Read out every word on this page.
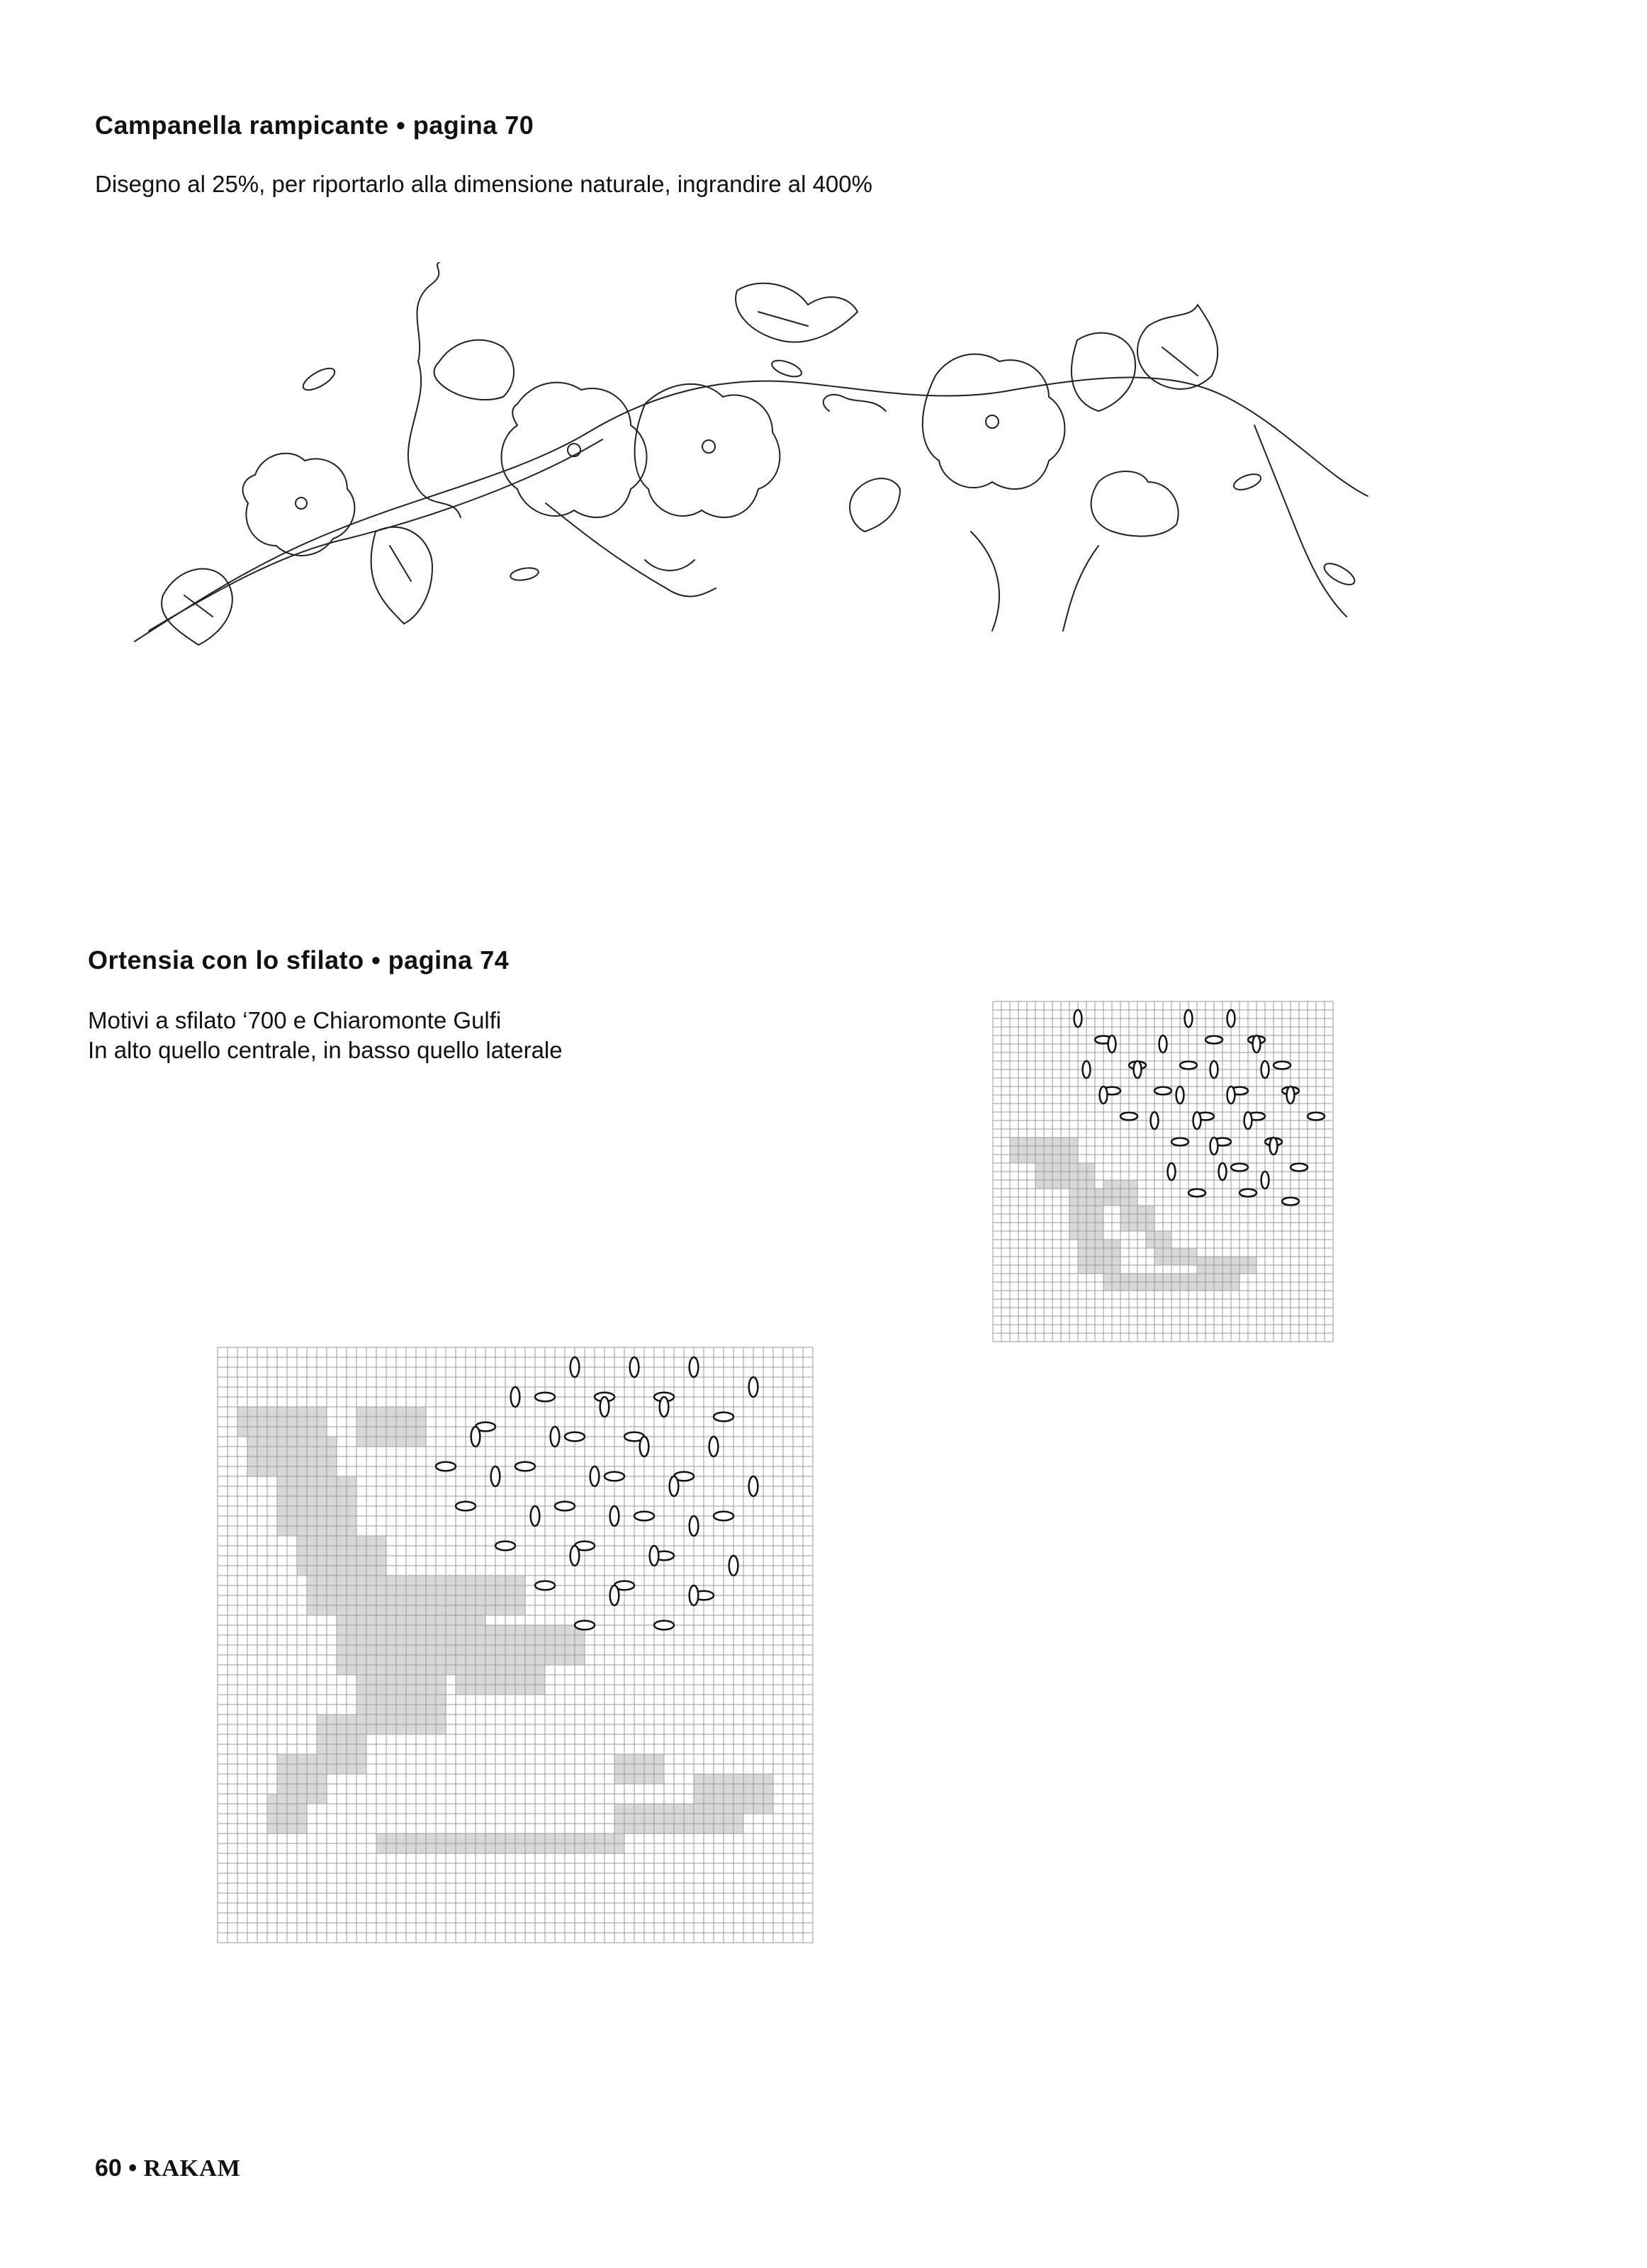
Campanella rampicante • pagina 70
Disegno al 25%, per riportarlo alla dimensione naturale, ingrandire al 400%
Ortensia con lo sfilato • pagina 74
Motivi a sfilato ‘700 e Chiaromonte Gulfi
In alto quello centrale, in basso quello laterale
60 • RAKAM
